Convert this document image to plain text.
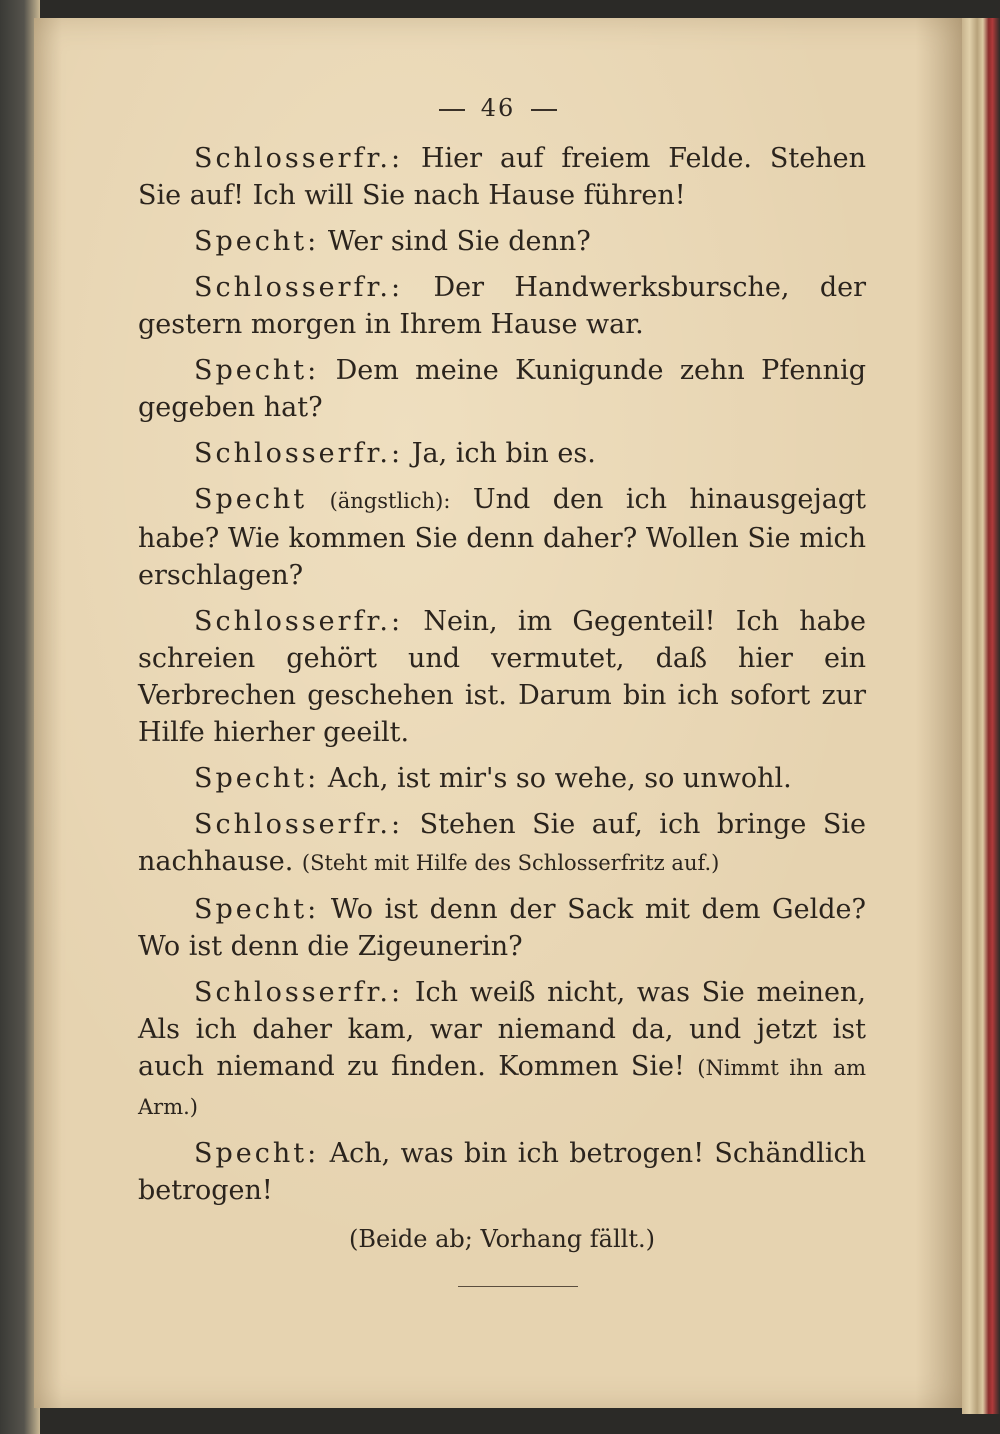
46

Schlosserfr.: Hier auf freiem Felde. Stehen Sie auf! Ich will Sie nach Hause führen!

Specht: Wer sind Sie denn?

Schlosserfr.: Der Handwerksbursche, der gestern morgen in Ihrem Hause war.

Specht: Dem meine Kunigunde zehn Pfennig gegeben hat?

Schlosserfr.: Ja, ich bin es.

Specht (ängstlich): Und den ich hinausgejagt habe? Wie kommen Sie denn daher? Wollen Sie mich erschlagen?

Schlosserfr.: Nein, im Gegenteil! Ich habe schreien gehört und vermutet, daß hier ein Verbrechen geschehen ist. Darum bin ich sofort zur Hilfe hierher geeilt.

Specht: Ach, ist mir's so wehe, so unwohl.

Schlosserfr.: Stehen Sie auf, ich bringe Sie nachhause. (Steht mit Hilfe des Schlosserfritz auf.)

Specht: Wo ist denn der Sack mit dem Gelde? Wo ist denn die Zigeunerin?

Schlosserfr.: Ich weiß nicht, was Sie meinen, Als ich daher kam, war niemand da, und jetzt ist auch niemand zu finden. Kommen Sie! (Nimmt ihn am Arm.)

Specht: Ach, was bin ich betrogen! Schändlich betrogen!

(Beide ab; Vorhang fällt.)
